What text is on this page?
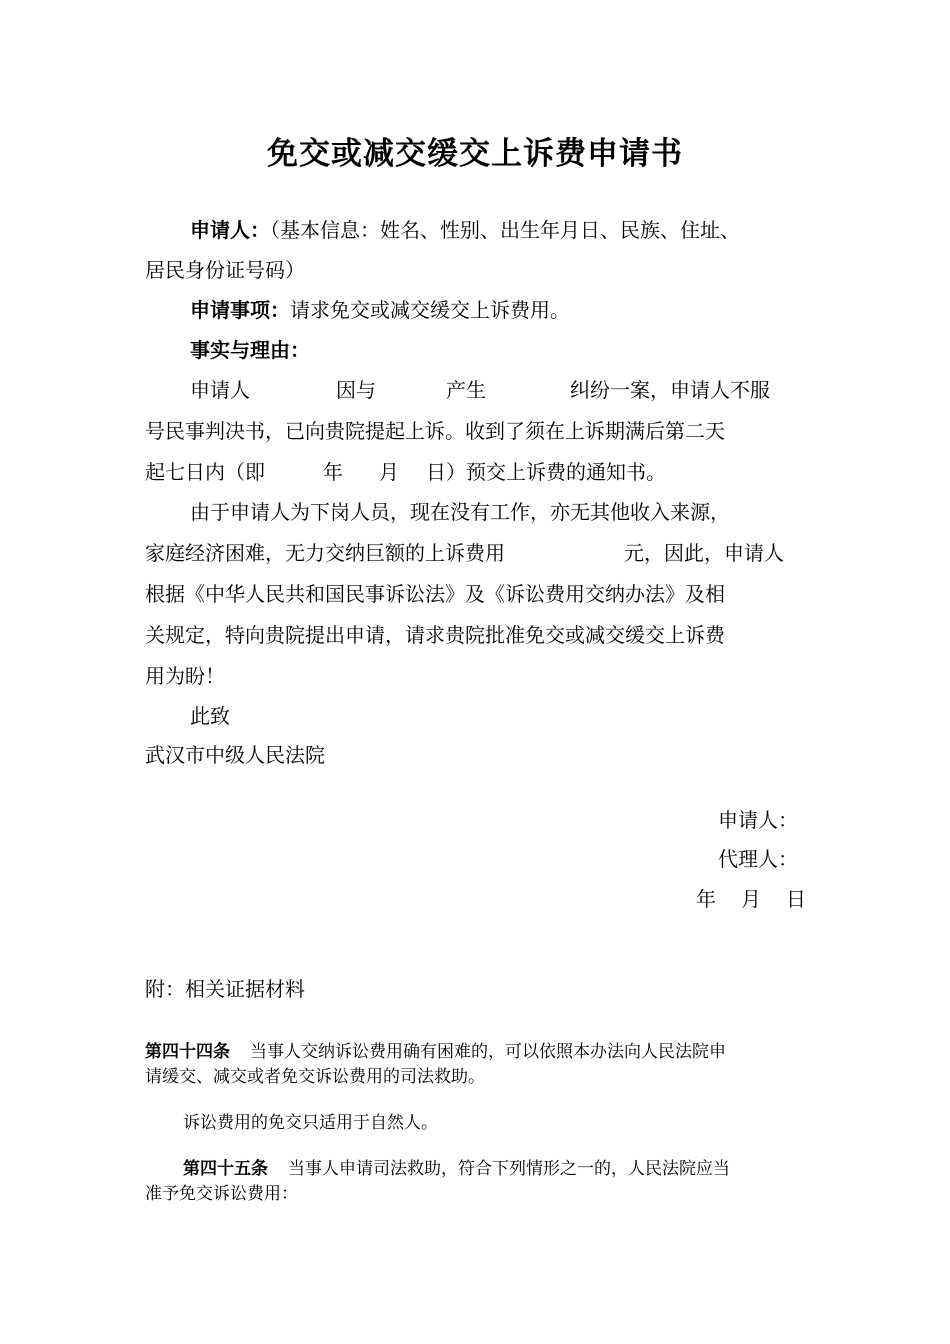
免交或减交缓交上诉费申请书
申请人：（基本信息：姓名、性别、出生年月日、民族、住址、
居民身份证号码）
申请事项：请求免交或减交缓交上诉费用。
事实与理由：
申请人	因与	产生	纠纷一案，申请人不服
号民事判决书，已向贵院提起上诉。收到了须在上诉期满后第二天
起七日内（即	年 月 日）预交上诉费的通知书。
由于申请人为下岗人员，现在没有工作，亦无其他收入来源，
家庭经济困难，无力交纳巨额的上诉费用	元，因此，申请人
根据《中华人民共和国民事诉讼法》及《诉讼费用交纳办法》及相
关规定，特向贵院提出申请，请求贵院批准免交或减交缓交上诉费
用为盼！
此致
武汉市中级人民法院
申请人：
代理人：
年 月 日
附：相关证据材料
第四十四条 当事人交纳诉讼费用确有困难的，可以依照本办法向人民法院申
请缓交、减交或者免交诉讼费用的司法救助。
诉讼费用的免交只适用于自然人。
第四十五条 当事人申请司法救助，符合下列情形之一的，人民法院应当
准予免交诉讼费用：
